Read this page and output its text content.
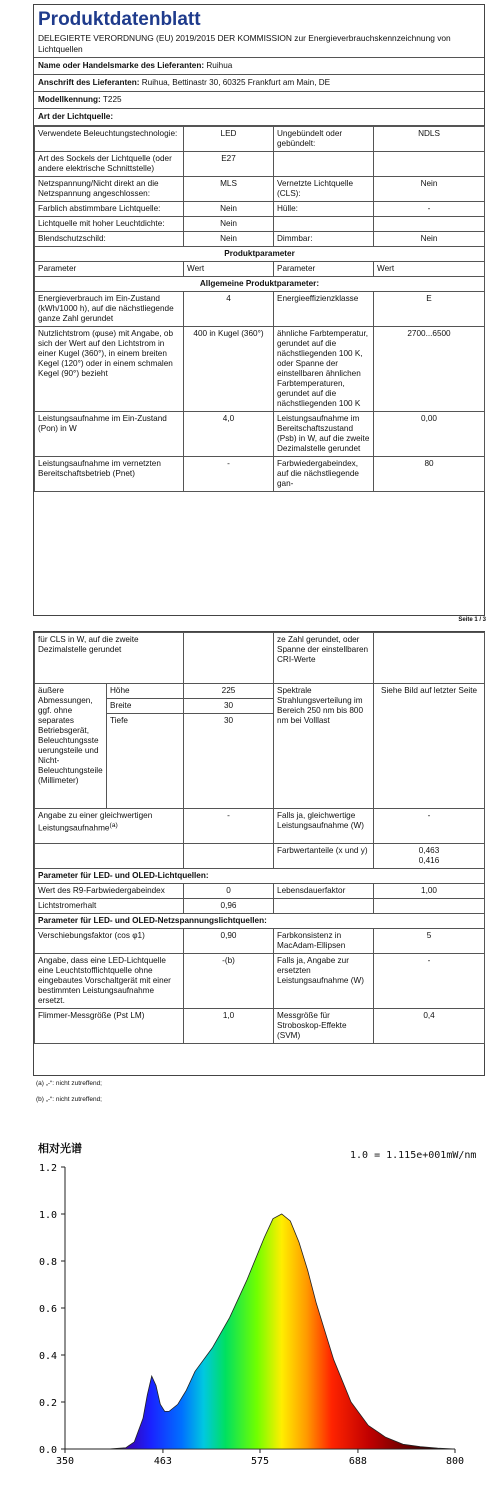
Produktdatenblatt
DELEGIERTE VERORDNUNG (EU) 2019/2015 DER KOMMISSION zur Energieverbrauchskennzeichnung von Lichtquellen
Name oder Handelsmarke des Lieferanten: Ruihua
Anschrift des Lieferanten: Ruihua, Bettinastr 30, 60325 Frankfurt am Main, DE
Modellkennung: T225
Art der Lichtquelle:
Verwendete Beleuchtungstechnologie:	LED	Ungebündelt oder gebündelt:	NDLS
Art des Sockels der Lichtquelle (oder andere elektrische Schnittstelle)	E27		
Netzspannung/Nicht direkt an die Netzspannung angeschlossen:	MLS	Vernetzte Lichtquelle (CLS):	Nein
Farblich abstimmbare Lichtquelle:	Nein	Hülle:	-
Lichtquelle mit hoher Leuchtdichte:	Nein		
Blendschutzschild:	Nein	Dimmbar:	Nein
Produktparameter			
Parameter	Wert	Parameter	Wert
Allgemeine Produktparameter:			
Energieverbrauch im Ein-Zustand (kWh/1000 h), auf die nächstliegende ganze Zahl gerundet	4	Energieeffizienzklasse	E
Nutzlichtstrom (φuse) mit Angabe, ob sich der Wert auf den Lichtstrom in einer Kugel (360°), in einem breiten Kegel (120°) oder in einem schmalen Kegel (90°) bezieht	400 in Kugel (360°)	ähnliche Farbtemperatur, gerundet auf die nächstliegenden 100 K, oder Spanne der einstellbaren ähnlichen Farbtemperaturen, gerundet auf die nächstliegenden 100 K	2700...6500
Leistungsaufnahme im Ein-Zustand (Pon) in W	4,0	Leistungsaufnahme im Bereitschaftszustand (Psb) in W, auf die zweite Dezimalstelle gerundet	0,00
Leistungsaufnahme im vernetzten Bereitschaftsbetrieb (Pnet)	-	Farbwiedergabeindex, auf die nächstliegende gan-	80
Seite 1 / 3
für CLS in W, auf die zweite Dezimalstelle gerundet			ze Zahl gerundet, oder Spanne der einstellbaren CRI-Werte	
äußere Abmessungen, ggf. ohne separates Betriebsgerät, Beleuchtungssteuerungsteile und Nicht-Beleuchtungsteile (Millimeter)	Höhe	225	Spektrale Strahlungsverteilung im Bereich 250 nm bis 800 nm bei Volllast	Siehe Bild auf letzter Seite
	Breite	30		
	Tiefe	30		
Angabe zu einer gleichwertigen Leistungsaufnahme$^{(a)}$		-	Falls ja, gleichwertige Leistungsaufnahme (W)	-
			Farbwertanteile (x und y)	0,463
0,416

Parameter für LED- und OLED-Lichtquellen:				
Wert des R9-Farbwiedergabeindex		0	Lebensdauerfaktor	1,00
Lichtstromerhalt		0,96		
Parameter für LED- und OLED-Netzspannungslichtquellen:				
Verschiebungsfaktor (cos φ1)		0,90	Farbkonsistenz in MacAdam-Ellipsen	5
Angabe, dass eine LED-Lichtquelle eine Leuchtstofflichtquelle ohne eingebautes Vorschaltgerät mit einer bestimmten Leistungsaufnahme ersetzt.		-(b)	Falls ja, Angabe zur ersetzten Leistungsaufnahme (W)	-
Flimmer-Messgröße (Pst LM)		1,0	Messgröße für Stroboskop-Effekte (SVM)	0,4
(a) „-“: nicht zutreffend;
(b) „-“: nicht zutreffend;
相对光谱
1.0 = 1.115e+001mW/nm
0.0
0.2
0.4
0.6
0.8
1.0
1.2
350	463	575	688	800
